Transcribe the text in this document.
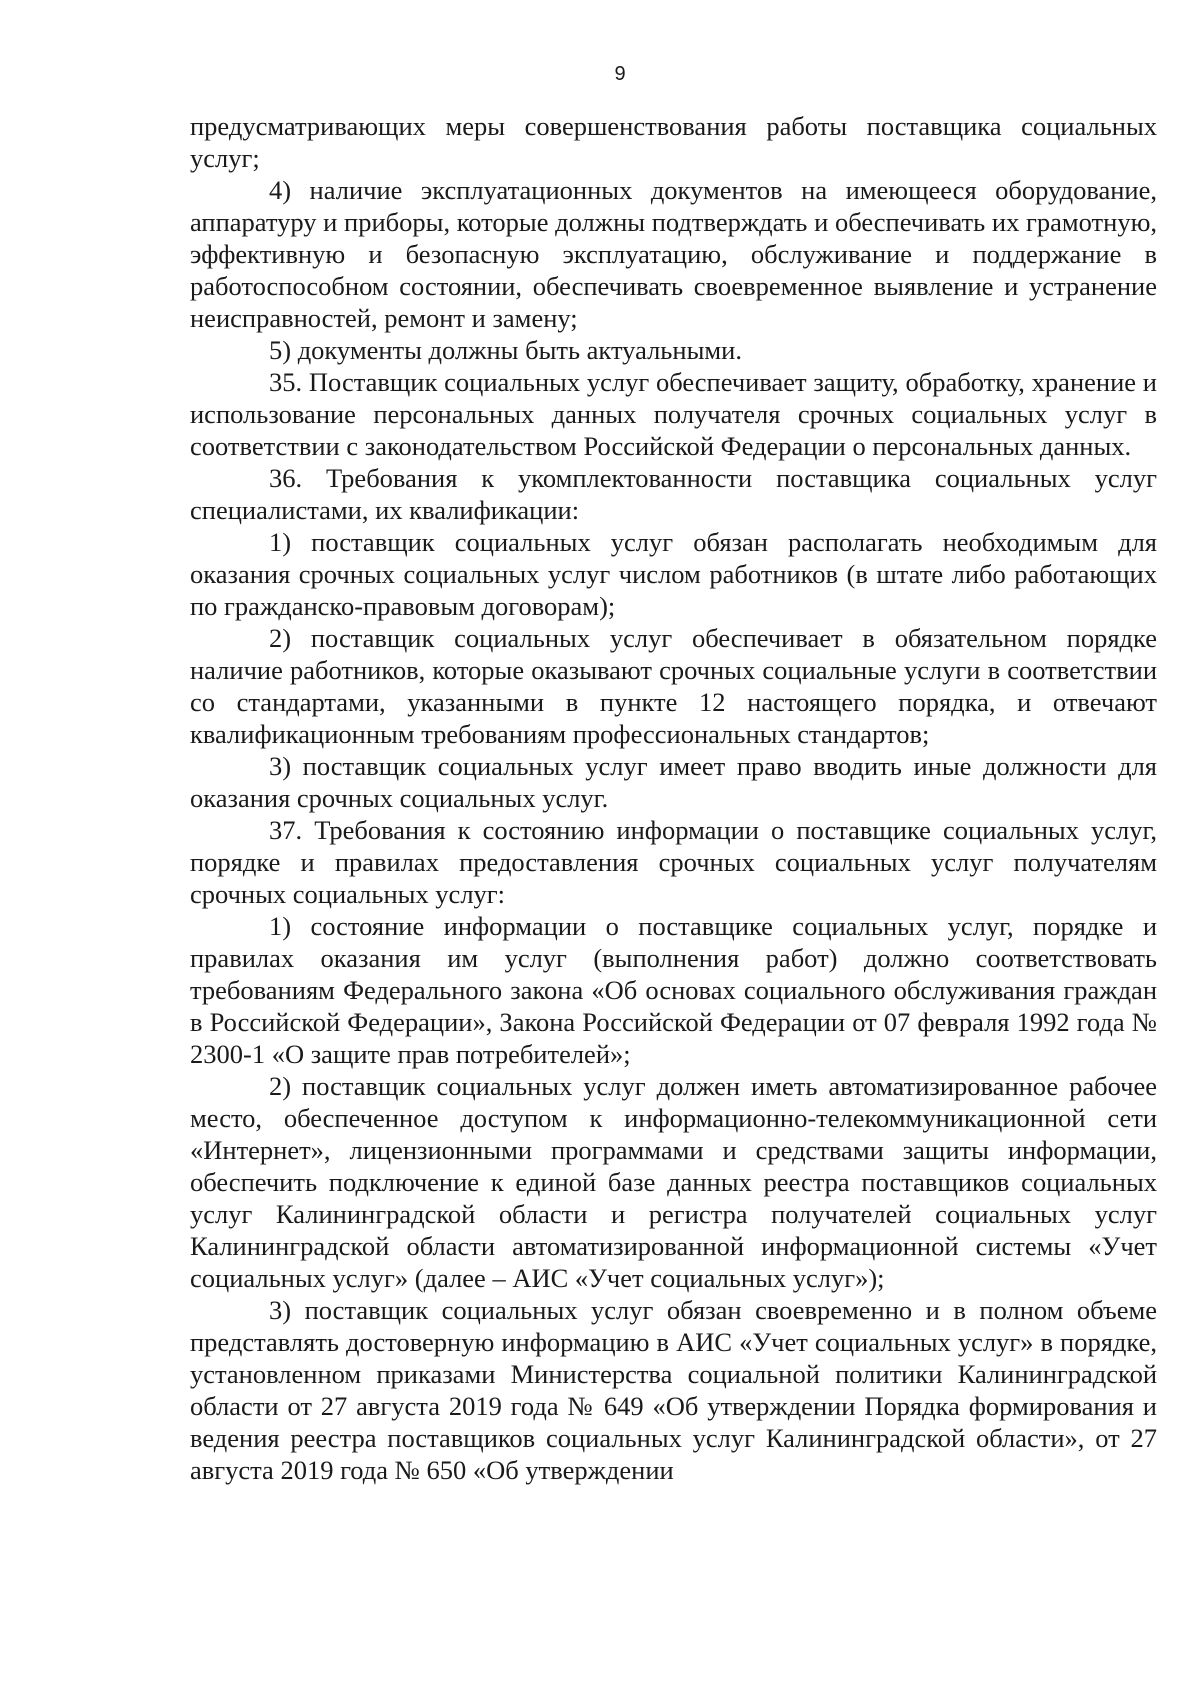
9

предусматривающих меры совершенствования работы поставщика социальных услуг;

4) наличие эксплуатационных документов на имеющееся оборудование, аппаратуру и приборы, которые должны подтверждать и обеспечивать их грамотную, эффективную и безопасную эксплуатацию, обслуживание и поддержание в работоспособном состоянии, обеспечивать своевременное выявление и устранение неисправностей, ремонт и замену;

5) документы должны быть актуальными.

35. Поставщик социальных услуг обеспечивает защиту, обработку, хранение и использование персональных данных получателя срочных социальных услуг в соответствии с законодательством Российской Федерации о персональных данных.

36. Требования к укомплектованности поставщика социальных услуг специалистами, их квалификации:

1) поставщик социальных услуг обязан располагать необходимым для оказания срочных социальных услуг числом работников (в штате либо работающих по гражданско-правовым договорам);

2) поставщик социальных услуг обеспечивает в обязательном порядке наличие работников, которые оказывают срочных социальные услуги в соответствии со стандартами, указанными в пункте 12 настоящего порядка, и отвечают квалификационным требованиям профессиональных стандартов;

3) поставщик социальных услуг имеет право вводить иные должности для оказания срочных социальных услуг.

37. Требования к состоянию информации о поставщике социальных услуг, порядке и правилах предоставления срочных социальных услуг получателям срочных социальных услуг:

1) состояние информации о поставщике социальных услуг, порядке и правилах оказания им услуг (выполнения работ) должно соответствовать требованиям Федерального закона «Об основах социального обслуживания граждан в Российской Федерации», Закона Российской Федерации от 07 февраля 1992 года № 2300-1 «О защите прав потребителей»;

2) поставщик социальных услуг должен иметь автоматизированное рабочее место, обеспеченное доступом к информационно-телекоммуникационной сети «Интернет», лицензионными программами и средствами защиты информации, обеспечить подключение к единой базе данных реестра поставщиков социальных услуг Калининградской области и регистра получателей социальных услуг Калининградской области автоматизированной информационной системы «Учет социальных услуг» (далее – АИС «Учет социальных услуг»);

3) поставщик социальных услуг обязан своевременно и в полном объеме представлять достоверную информацию в АИС «Учет социальных услуг» в порядке, установленном приказами Министерства социальной политики Калининградской области от 27 августа 2019 года № 649 «Об утверждении Порядка формирования и ведения реестра поставщиков социальных услуг Калининградской области», от 27 августа 2019 года № 650 «Об утверждении
